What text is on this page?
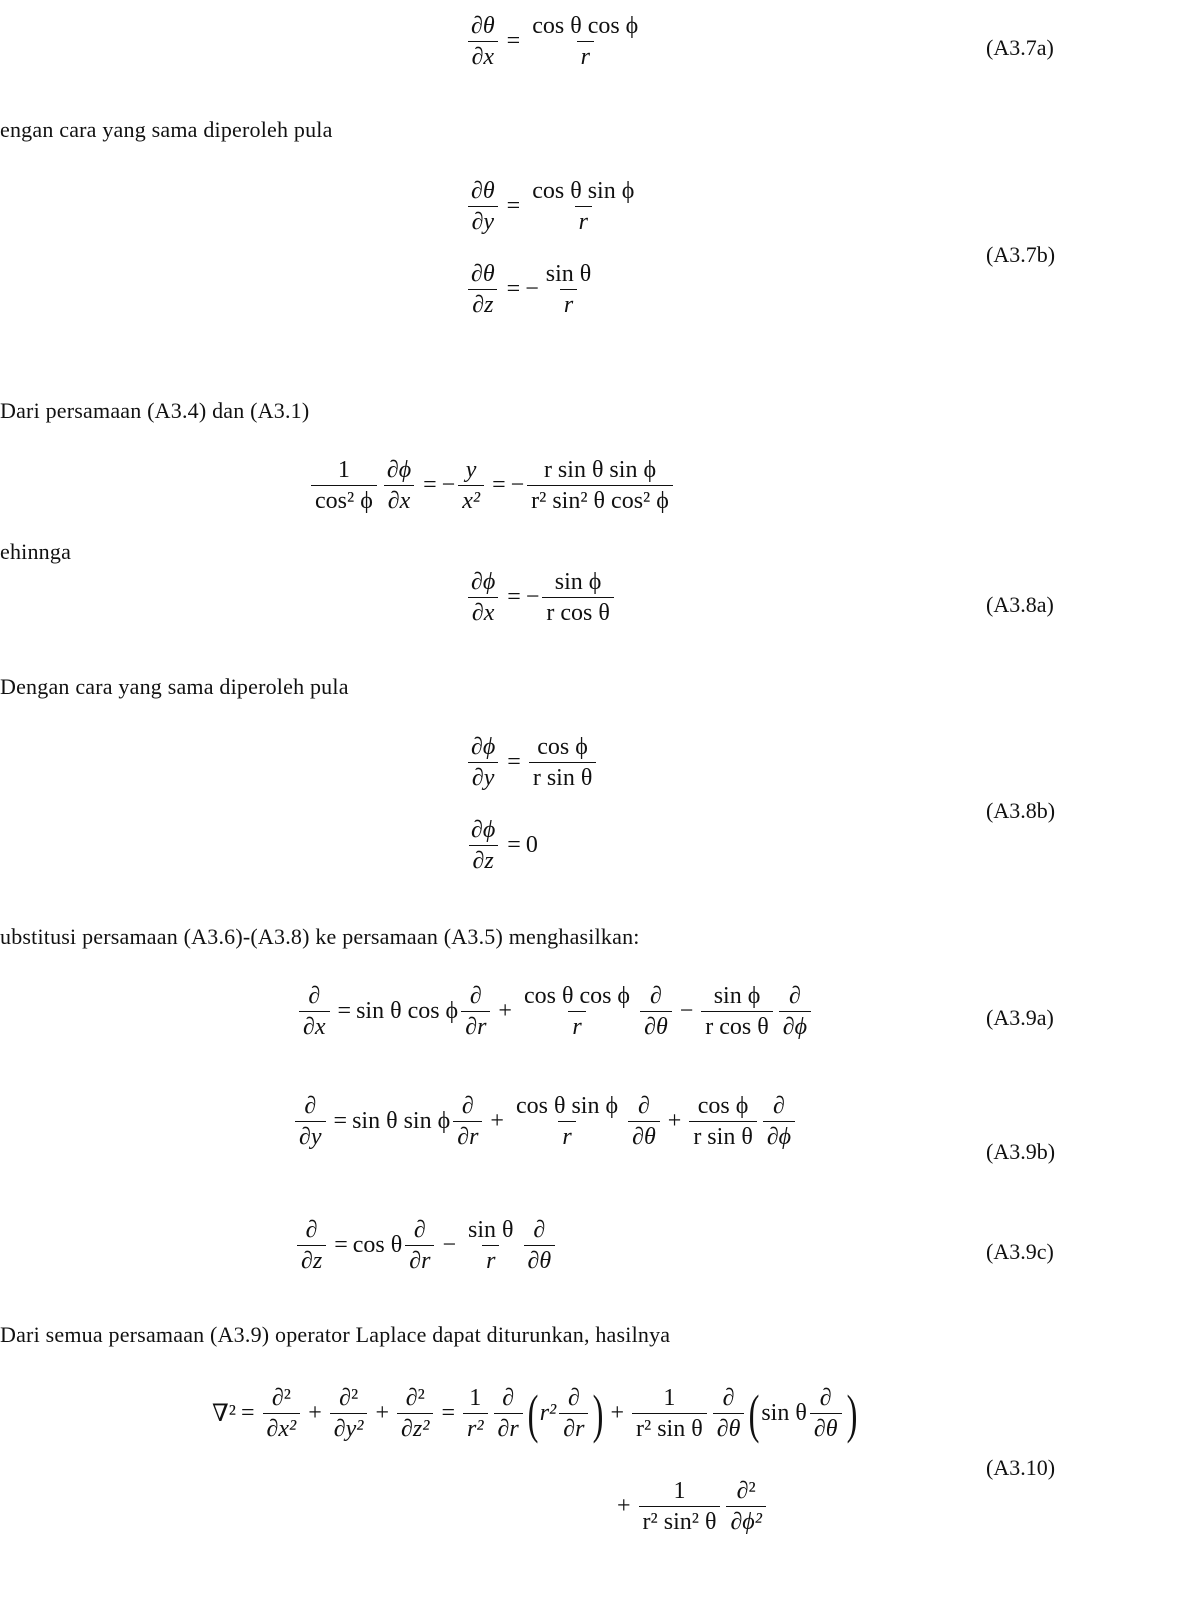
engan cara yang sama diperoleh pula
Dari persamaan (A3.4) dan (A3.1)
ehinnga
Dengan cara yang sama diperoleh pula
ubstitusi persamaan (A3.6)-(A3.8) ke persamaan (A3.5) menghasilkan:
Dari semua persamaan (A3.9) operator Laplace dapat diturunkan, hasilnya
(A3.7a)
(A3.7b)
(A3.8a)
(A3.8b)
(A3.9a)
(A3.9b)
(A3.9c)
(A3.10)
$\frac{\partial\theta}{\partial x} = \frac{\text{cos θ cos ϕ}}{r}$
$\frac{\partial\theta}{\partial y} = \frac{\text{cos θ sin ϕ}}{r}$
$\frac{\partial\theta}{\partial z}$ = − $\frac{\text{sin θ}}{r}$
$\frac{1}{\text{cos² ϕ}} \frac{\partial\phi}{\partial x}$ = − $\frac{y}{\text{x²}}$ = − $\frac{\text{r sin θ sin ϕ}}{\text{r² sin² θ cos² ϕ}}$
$\frac{\partial\phi}{\partial x}$ = − $\frac{\text{sin ϕ}}{\text{r cos θ}}$
$\frac{\partial\phi}{\partial y} = \frac{\text{cos ϕ}}{\text{r sin θ}}$
$\frac{\partial\phi}{\partial z} = 0$
$\frac{\partial}{\partial x} = \sin \theta$ cos ϕ $\frac{\partial}{\partial r} + \frac{\text{cos θ cos ϕ}}{r} \frac{\partial}{\partial\theta} - \frac{\text{sin ϕ}}{\text{r cos θ}} \frac{\partial}{\partial\phi}$
$\frac{\partial}{\partial y} = \sin \theta$ sin ϕ $\frac{\partial}{\partial r} + \frac{\text{cos θ sin ϕ}}{r} \frac{\partial}{\partial\theta} + \frac{\text{cos ϕ}}{\text{r sin θ}} \frac{\partial}{\partial\phi}$
$\frac{\partial}{\partial z} = \cos \theta \frac{\partial}{\partial r} - \frac{\text{sin θ}}{r} \frac{\partial}{\partial\theta}$
$\nabla^2 = \frac{\text{∂²}}{\text{∂x²}} + \frac{\text{∂²}}{\text{∂y²}} + \frac{\text{∂²}}{\text{∂z²}} = \frac{1}{\text{r²}} \frac{\partial}{\partial r}$ ( $r^2 \frac{\partial}{\partial r}$ ) + $\frac{1}{\text{r² sin θ}} \frac{\partial}{\partial\theta}$ ( sin θ $\frac{\partial}{\partial\theta}$ )
+ $\frac{1}{\text{r² sin² θ}} \frac{\text{∂²}}{\text{∂ϕ²}}$
